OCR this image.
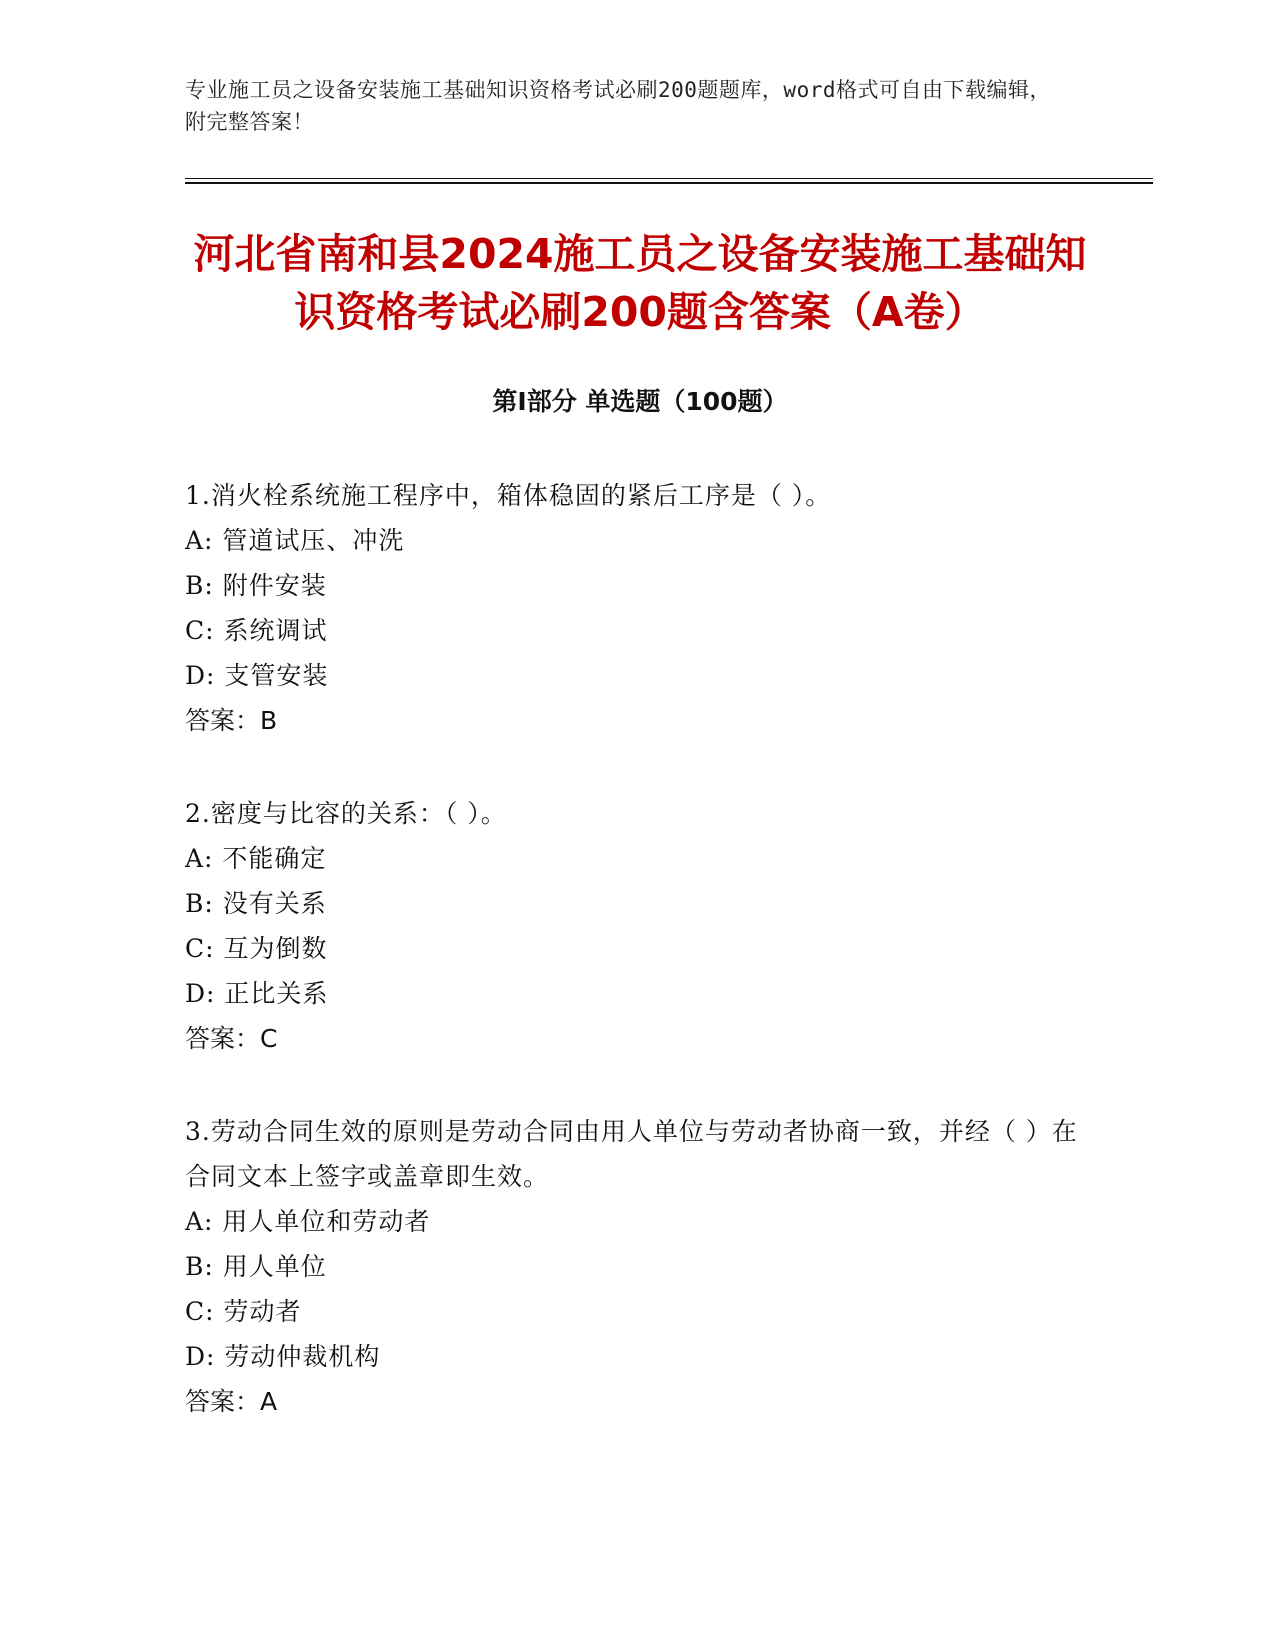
专业施工员之设备安装施工基础知识资格考试必刷200题题库，word格式可自由下载编辑，附完整答案！
河北省南和县2024施工员之设备安装施工基础知识资格考试必刷200题含答案（A卷）
第Ⅰ部分 单选题（100题）
1.消火栓系统施工程序中，箱体稳固的紧后工序是（ ）。
A: 管道试压、冲洗
B: 附件安装
C: 系统调试
D: 支管安装
答案：B
2.密度与比容的关系：（ ）。
A: 不能确定
B: 没有关系
C: 互为倒数
D: 正比关系
答案：C
3.劳动合同生效的原则是劳动合同由用人单位与劳动者协商一致，并经（ ）在合同文本上签字或盖章即生效。
A: 用人单位和劳动者
B: 用人单位
C: 劳动者
D: 劳动仲裁机构
答案：A
